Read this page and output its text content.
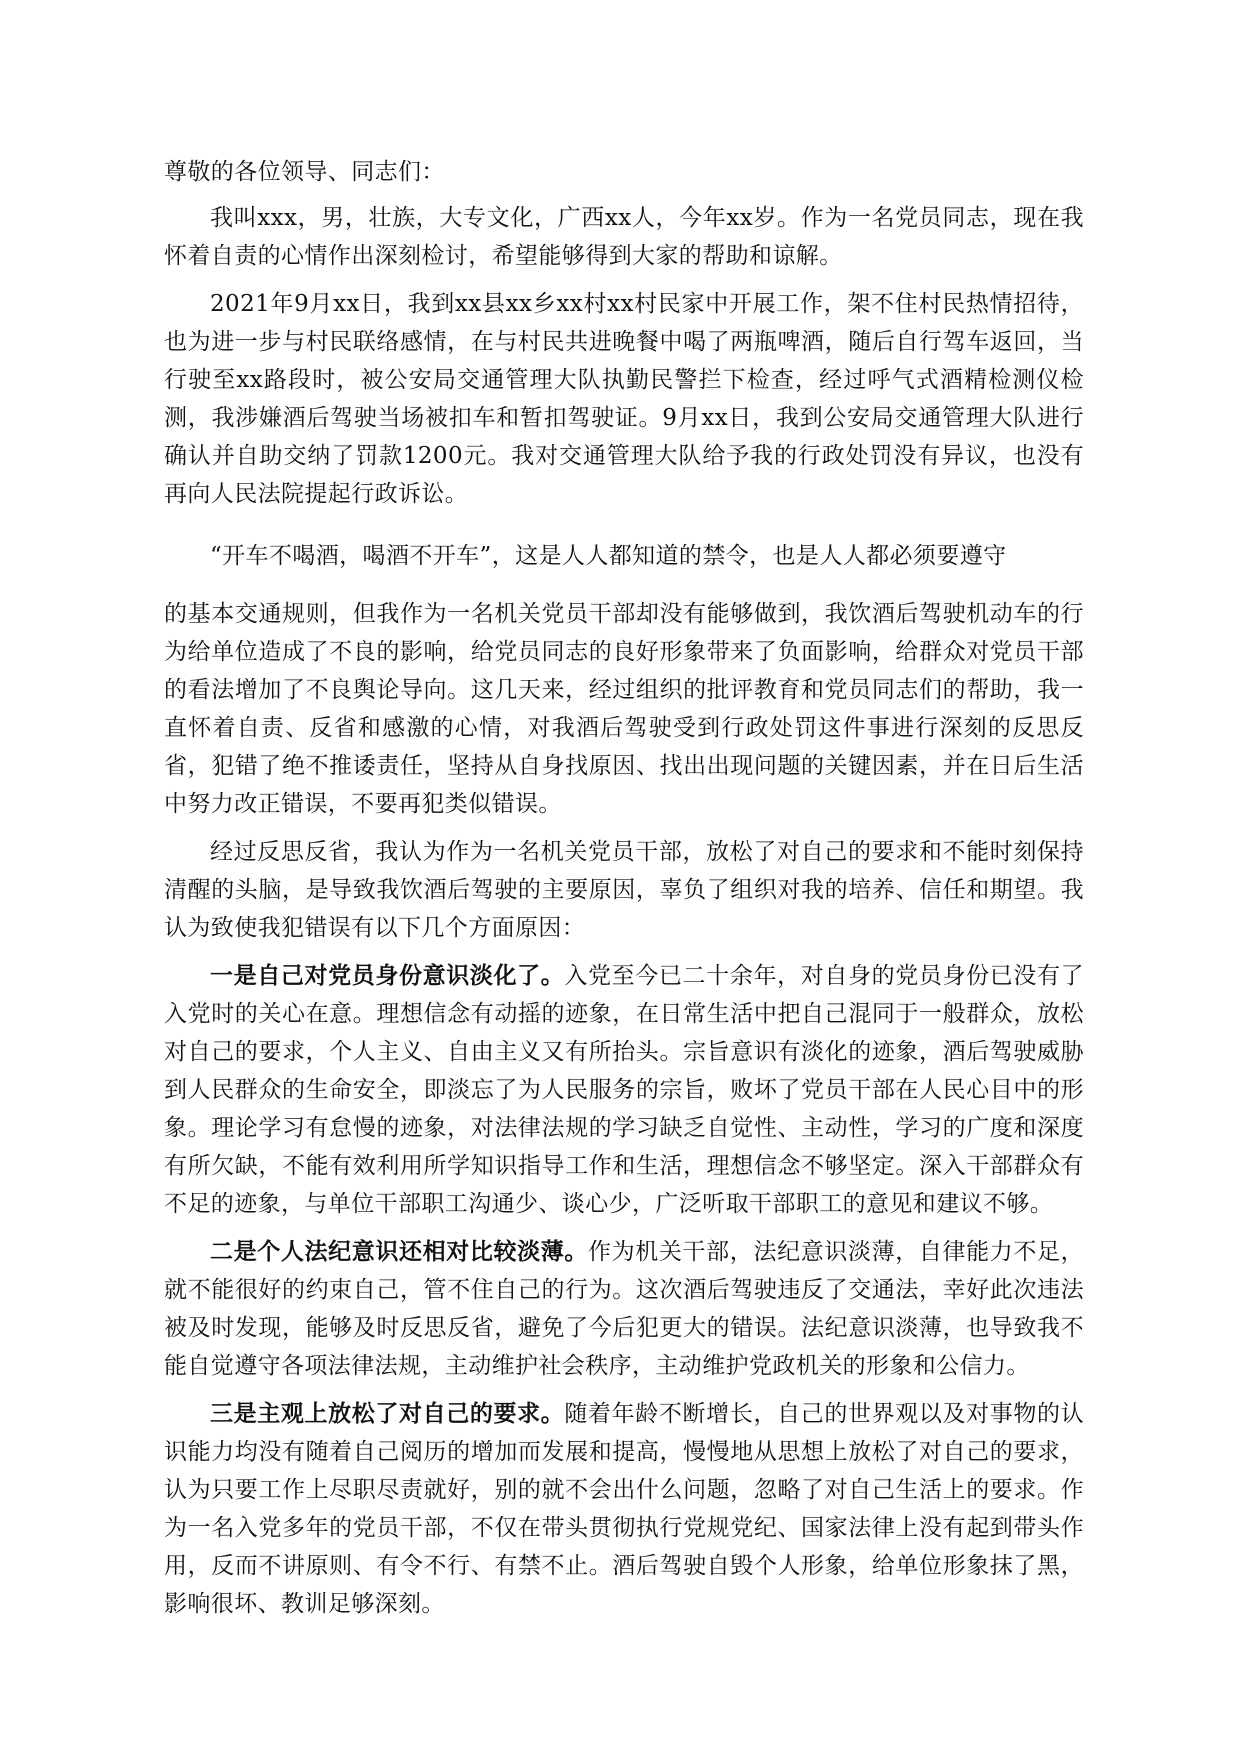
尊敬的各位领导、同志们：

我叫xxx，男，壮族，大专文化，广西xx人，今年xx岁。作为一名党员同志，现在我怀着自责的心情作出深刻检讨，希望能够得到大家的帮助和谅解。

2021年9月xx日，我到xx县xx乡xx村xx村民家中开展工作，架不住村民热情招待，也为进一步与村民联络感情，在与村民共进晚餐中喝了两瓶啤酒，随后自行驾车返回，当行驶至xx路段时，被公安局交通管理大队执勤民警拦下检查，经过呼气式酒精检测仪检测，我涉嫌酒后驾驶当场被扣车和暂扣驾驶证。9月xx日，我到公安局交通管理大队进行确认并自助交纳了罚款1200元。我对交通管理大队给予我的行政处罚没有异议，也没有再向人民法院提起行政诉讼。

“开车不喝酒，喝酒不开车”，这是人人都知道的禁令，也是人人都必须要遵守

的基本交通规则，但我作为一名机关党员干部却没有能够做到，我饮酒后驾驶机动车的行为给单位造成了不良的影响，给党员同志的良好形象带来了负面影响，给群众对党员干部的看法增加了不良舆论导向。这几天来，经过组织的批评教育和党员同志们的帮助，我一直怀着自责、反省和感激的心情，对我酒后驾驶受到行政处罚这件事进行深刻的反思反省，犯错了绝不推诿责任，坚持从自身找原因、找出出现问题的关键因素，并在日后生活中努力改正错误，不要再犯类似错误。

经过反思反省，我认为作为一名机关党员干部，放松了对自己的要求和不能时刻保持清醒的头脑，是导致我饮酒后驾驶的主要原因，辜负了组织对我的培养、信任和期望。我认为致使我犯错误有以下几个方面原因：

一是自己对党员身份意识淡化了。入党至今已二十余年，对自身的党员身份已没有了入党时的关心在意。理想信念有动摇的迹象，在日常生活中把自己混同于一般群众，放松对自己的要求，个人主义、自由主义又有所抬头。宗旨意识有淡化的迹象，酒后驾驶威胁到人民群众的生命安全，即淡忘了为人民服务的宗旨，败坏了党员干部在人民心目中的形象。理论学习有怠慢的迹象，对法律法规的学习缺乏自觉性、主动性，学习的广度和深度有所欠缺，不能有效利用所学知识指导工作和生活，理想信念不够坚定。深入干部群众有不足的迹象，与单位干部职工沟通少、谈心少，广泛听取干部职工的意见和建议不够。

二是个人法纪意识还相对比较淡薄。作为机关干部，法纪意识淡薄，自律能力不足，就不能很好的约束自己，管不住自己的行为。这次酒后驾驶违反了交通法，幸好此次违法被及时发现，能够及时反思反省，避免了今后犯更大的错误。法纪意识淡薄，也导致我不能自觉遵守各项法律法规，主动维护社会秩序，主动维护党政机关的形象和公信力。

三是主观上放松了对自己的要求。随着年龄不断增长，自己的世界观以及对事物的认识能力均没有随着自己阅历的增加而发展和提高，慢慢地从思想上放松了对自己的要求，认为只要工作上尽职尽责就好，别的就不会出什么问题，忽略了对自己生活上的要求。作为一名入党多年的党员干部，不仅在带头贯彻执行党规党纪、国家法律上没有起到带头作用，反而不讲原则、有令不行、有禁不止。酒后驾驶自毁个人形象，给单位形象抹了黑，影响很坏、教训足够深刻。
